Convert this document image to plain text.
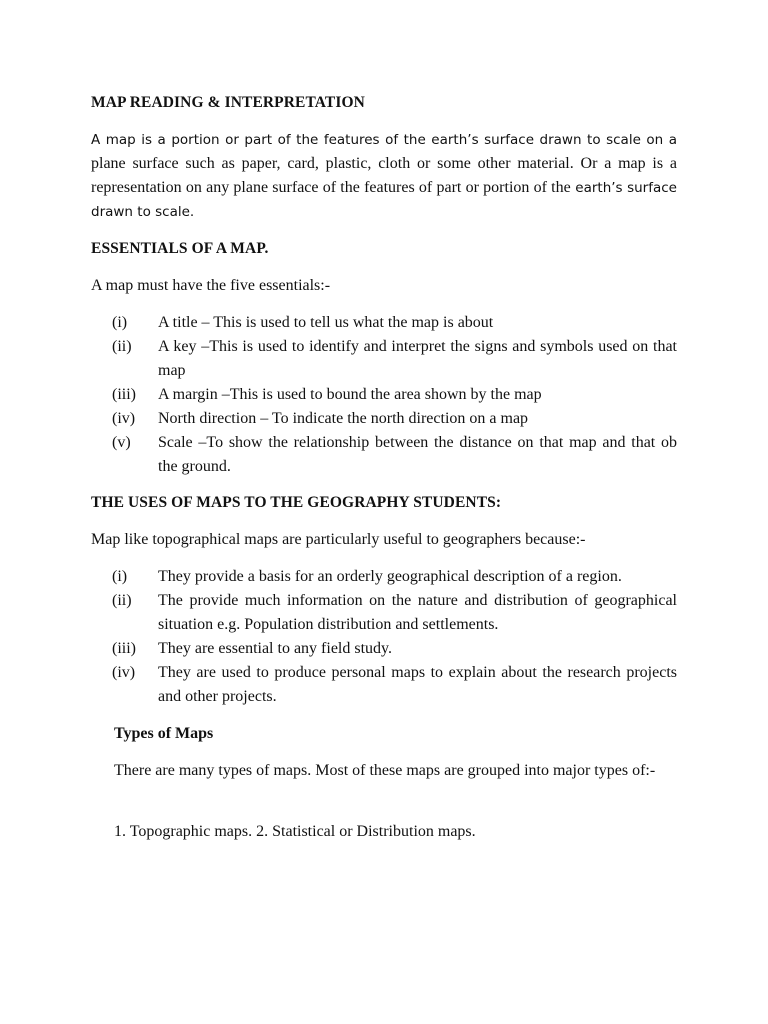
MAP READING & INTERPRETATION
A map is a portion or part of the features of the earth’s surface drawn to scale on a plane surface such as paper, card, plastic, cloth or some other material. Or a map is a representation on any plane surface of the features of part or portion of the earth’s surface drawn to scale.
ESSENTIALS OF A MAP.
A map must have the five essentials:-
(i)	A title – This is used to tell us what the map is about
(ii)	A key –This is used to identify and interpret the signs and symbols used on that map
(iii)	A margin –This is used to bound the area shown by the map
(iv)	North direction – To indicate the north direction on a map
(v)	Scale –To show the relationship between the distance on that map and that ob the ground.
THE USES OF MAPS TO THE GEOGRAPHY STUDENTS:
Map like topographical maps are particularly useful to geographers because:-
(i)	They provide a basis for an orderly geographical description of a region.
(ii)	The provide much information on the nature and distribution of geographical situation e.g. Population distribution and settlements.
(iii)	They are essential to any field study.
(iv)	They are used to produce personal maps to explain about the research projects and other projects.
Types of Maps
There are many types of maps. Most of these maps are grouped into major types of:-
1. Topographic maps. 2. Statistical or Distribution maps.
